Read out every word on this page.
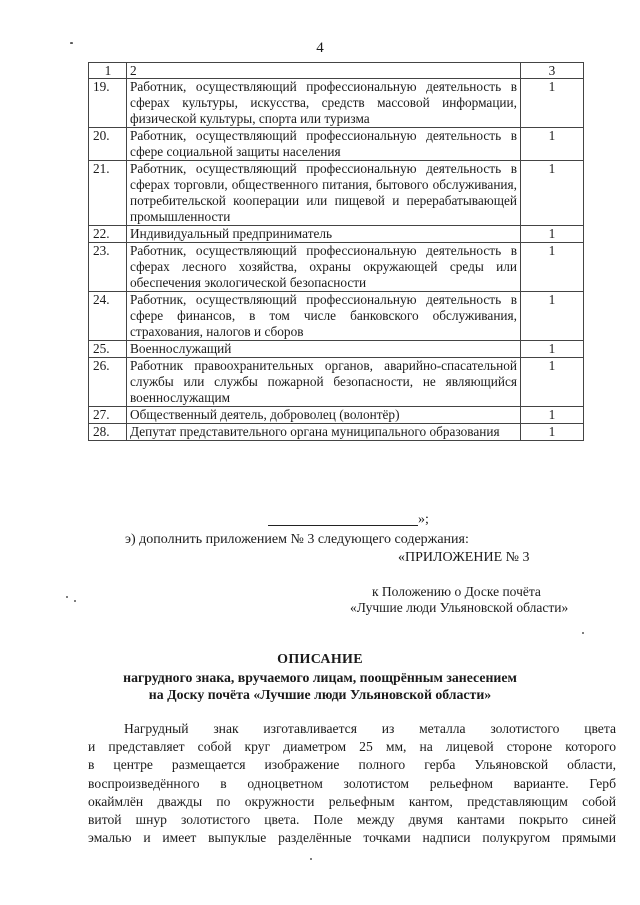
4
1	2	3
19.	Работник, осуществляющий профессиональную деятельность в сферах культуры, искусства, средств массовой информации, физической культуры, спорта или туризма	1
20.	Работник, осуществляющий профессиональную деятельность в сфере социальной защиты населения	1
21.	Работник, осуществляющий профессиональную деятельность в сферах торговли, общественного питания, бытового обслуживания, потребительской кооперации или пищевой и перерабатывающей промышленности	1
22.	Индивидуальный предприниматель	1
23.	Работник, осуществляющий профессиональную деятельность в сферах лесного хозяйства, охраны окружающей среды или обеспечения экологической безопасности	1
24.	Работник, осуществляющий профессиональную деятельность в сфере финансов, в том числе банковского обслуживания, страхования, налогов и сборов	1
25.	Военнослужащий	1
26.	Работник правоохранительных органов, аварийно-спасательной службы или службы пожарной безопасности, не являющийся военнослужащим	1
27.	Общественный деятель, доброволец (волонтёр)	1
28.	Депутат представительного органа муниципального образования	1
»;
э) дополнить приложением № 3 следующего содержания:
«ПРИЛОЖЕНИЕ № 3
к Положению о Доске почёта
«Лучшие люди Ульяновской области»
ОПИСАНИЕ
нагрудного знака, вручаемого лицам, поощрённым занесением
на Доску почёта «Лучшие люди Ульяновской области»
Нагрудный знак изготавливается из металла золотистого цвета
и представляет собой круг диаметром 25 мм, на лицевой стороне которого
в центре размещается изображение полного герба Ульяновской области,
воспроизведённого в одноцветном золотистом рельефном варианте. Герб
окаймлён дважды по окружности рельефным кантом, представляющим собой
витой шнур золотистого цвета. Поле между двумя кантами покрыто синей
эмалью и имеет выпуклые разделённые точками надписи полукругом прямыми
